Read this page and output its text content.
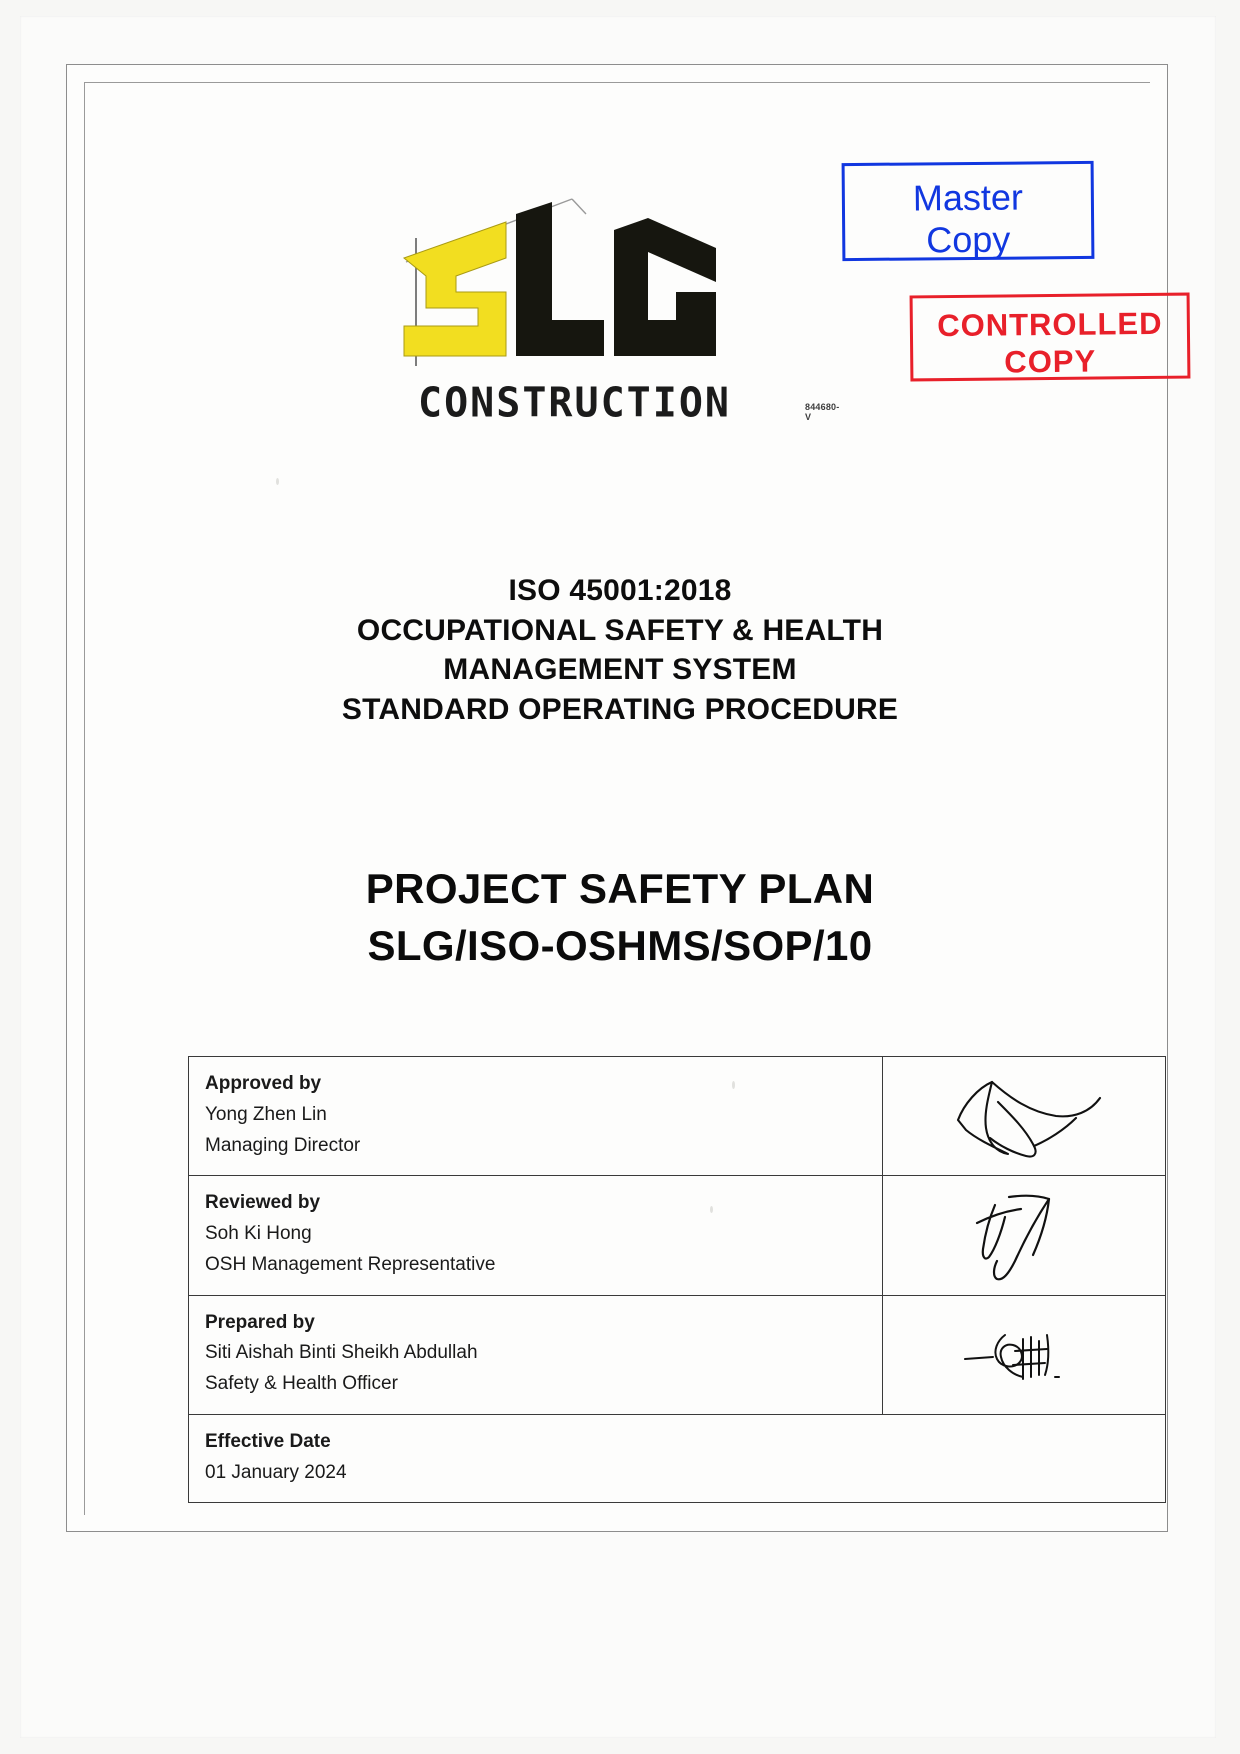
CONSTRUCTION	844680-V
Master
Copy
CONTROLLED
COPY
ISO 45001:2018
OCCUPATIONAL SAFETY & HEALTH
MANAGEMENT SYSTEM
STANDARD OPERATING PROCEDURE
PROJECT SAFETY PLAN
SLG/ISO-OSHMS/SOP/10
Approved by
Yong Zhen Lin
Managing Director

Reviewed by
Soh Ki Hong
OSH Management Representative

Prepared by
Siti Aishah Binti Sheikh Abdullah
Safety & Health Officer

Effective Date
01 January 2024	
